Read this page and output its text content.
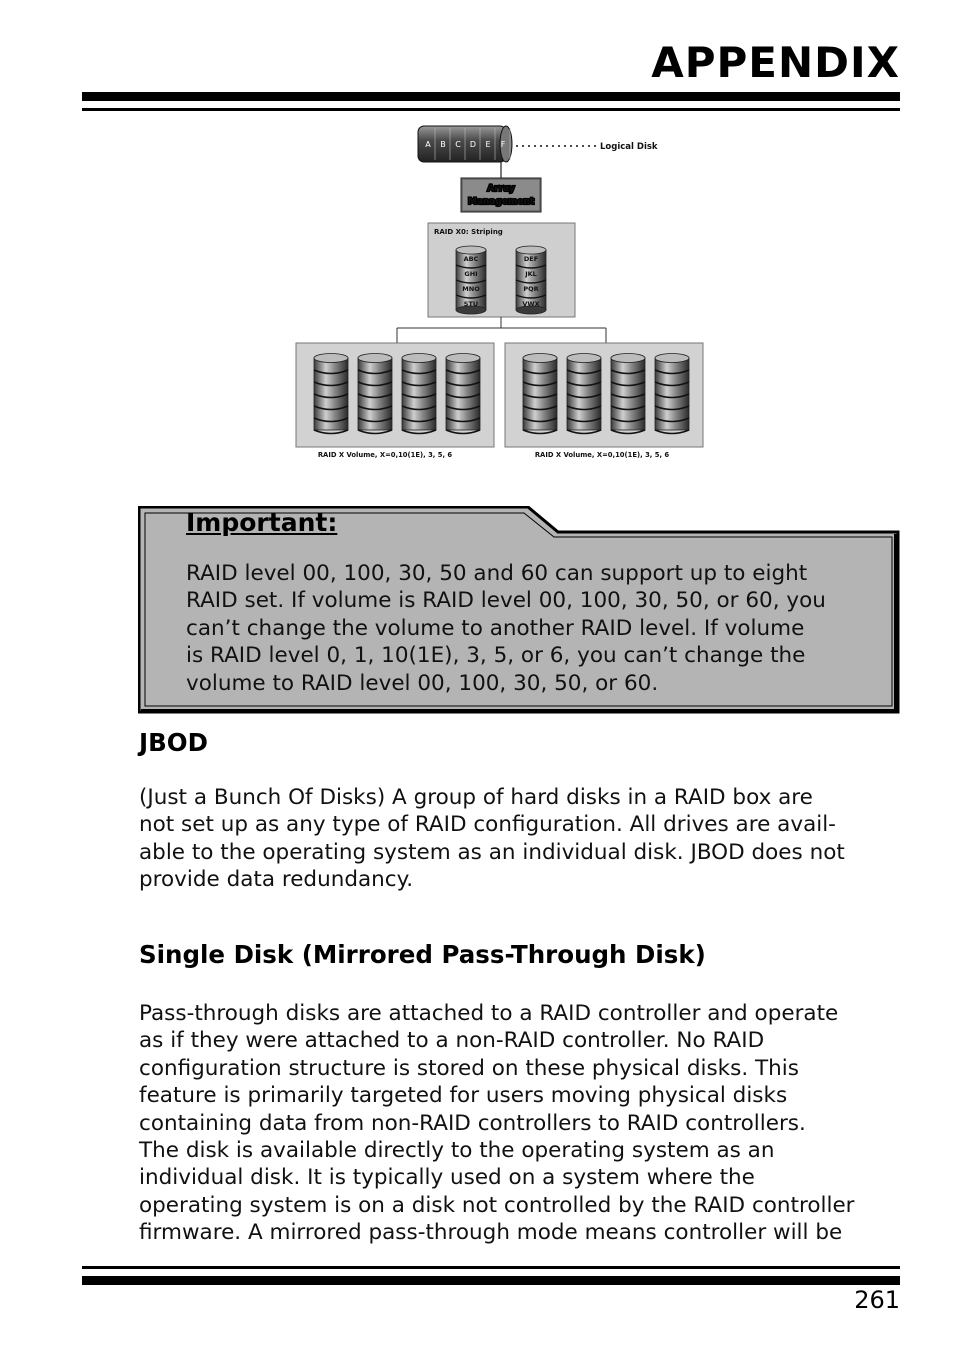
APPENDIX
A B C D E F	Logical Disk
Array
Management
RAID X0: Striping
ABC
GHI
MNO
STU
DEF
JKL
PQR
VWX
RAID X Volume, X=0,10(1E), 3, 5, 6	RAID X Volume, X=0,10(1E), 3, 5, 6
Important:
RAID level 00, 100, 30, 50 and 60 can support up to eight
RAID set. If volume is RAID level 00, 100, 30, 50, or 60, you
can’t change the volume to another RAID level. If volume
is RAID level 0, 1, 10(1E), 3, 5, or 6, you can’t change the
volume to RAID level 00, 100, 30, 50, or 60.
JBOD
(Just a Bunch Of Disks) A group of hard disks in a RAID box are
not set up as any type of RAID configuration. All drives are avail-
able to the operating system as an individual disk. JBOD does not
provide data redundancy.
Single Disk (Mirrored Pass-Through Disk)
Pass-through disks are attached to a RAID controller and operate
as if they were attached to a non-RAID controller. No RAID
configuration structure is stored on these physical disks. This
feature is primarily targeted for users moving physical disks
containing data from non-RAID controllers to RAID controllers.
The disk is available directly to the operating system as an
individual disk. It is typically used on a system where the
operating system is on a disk not controlled by the RAID controller
firmware. A mirrored pass-through mode means controller will be
261
